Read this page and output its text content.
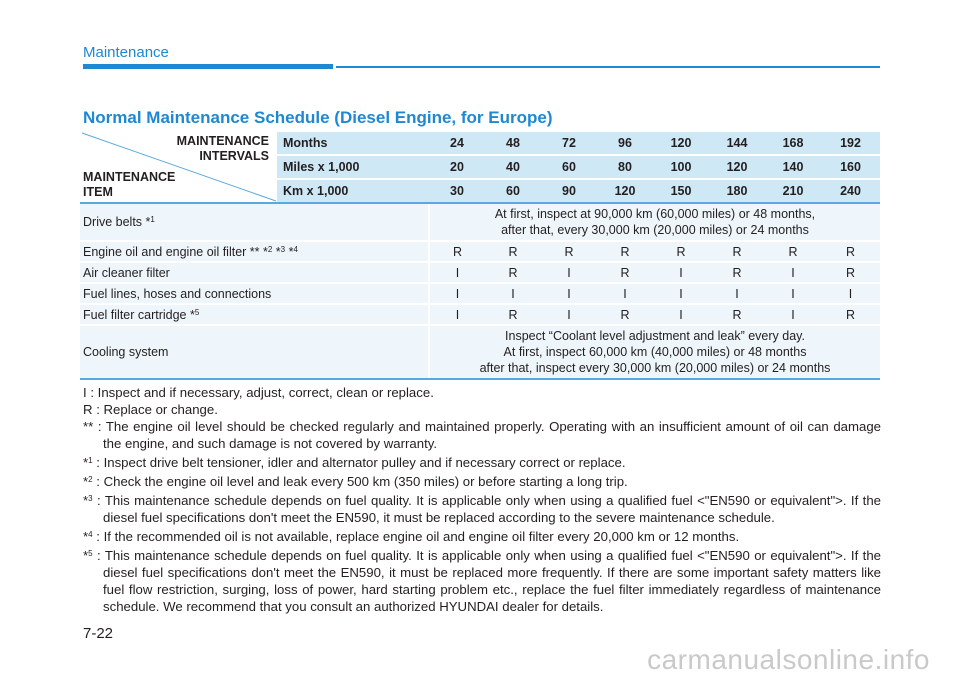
Maintenance
Normal Maintenance Schedule (Diesel Engine, for Europe)
MAINTENANCE
INTERVALS
MAINTENANCE
ITEM	Months	24	48	72	96	120	144	168	192
	Miles x 1,000	20	40	60	80	100	120	140	160
	Km x 1,000	30	60	90	120	150	180	210	240
Drive belts *$^1$		At first, inspect at 90,000 km (60,000 miles) or 48 months,
after that, every 30,000 km (20,000 miles) or 24 months							

Engine oil and engine oil filter ** *$^2$ *$^3$ *$^4$		R	R	R	R	R	R	R	R
Air cleaner filter		I	R	I	R	I	R	I	R
Fuel lines, hoses and connections		I	I	I	I	I	I	I	I
Fuel filter cartridge *$^5$		I	R	I	R	I	R	I	R
Cooling system		Inspect “Coolant level adjustment and leak” every day.
At first, inspect 60,000 km (40,000 miles) or 48 months
after that, inspect every 30,000 km (20,000 miles) or 24 months							

I : Inspect and if necessary, adjust, correct, clean or replace.

R : Replace or change.

** : The engine oil level should be checked regularly and maintained properly. Operating with an insufficient amount of oil can damage the engine, and such damage is not covered by warranty.

*$^1$ : Inspect drive belt tensioner, idler and alternator pulley and if necessary correct or replace.

*$^2$ : Check the engine oil level and leak every 500 km (350 miles) or before starting a long trip.

*$^3$ : This maintenance schedule depends on fuel quality. It is applicable only when using a qualified fuel <"EN590 or equivalent">. If the diesel fuel specifications don't meet the EN590, it must be replaced according to the severe maintenance schedule.

*$^4$ : If the recommended oil is not available, replace engine oil and engine oil filter every 20,000 km or 12 months.

*$^5$ : This maintenance schedule depends on fuel quality. It is applicable only when using a qualified fuel <"EN590 or equivalent">. If the diesel fuel specifications don't meet the EN590, it must be replaced more frequently. If there are some important safety matters like fuel flow restriction, surging, loss of power, hard starting problem etc., replace the fuel filter immediately regardless of maintenance schedule. We recommend that you consult an authorized HYUNDAI dealer for details.

7-22
carmanualsonline.info
